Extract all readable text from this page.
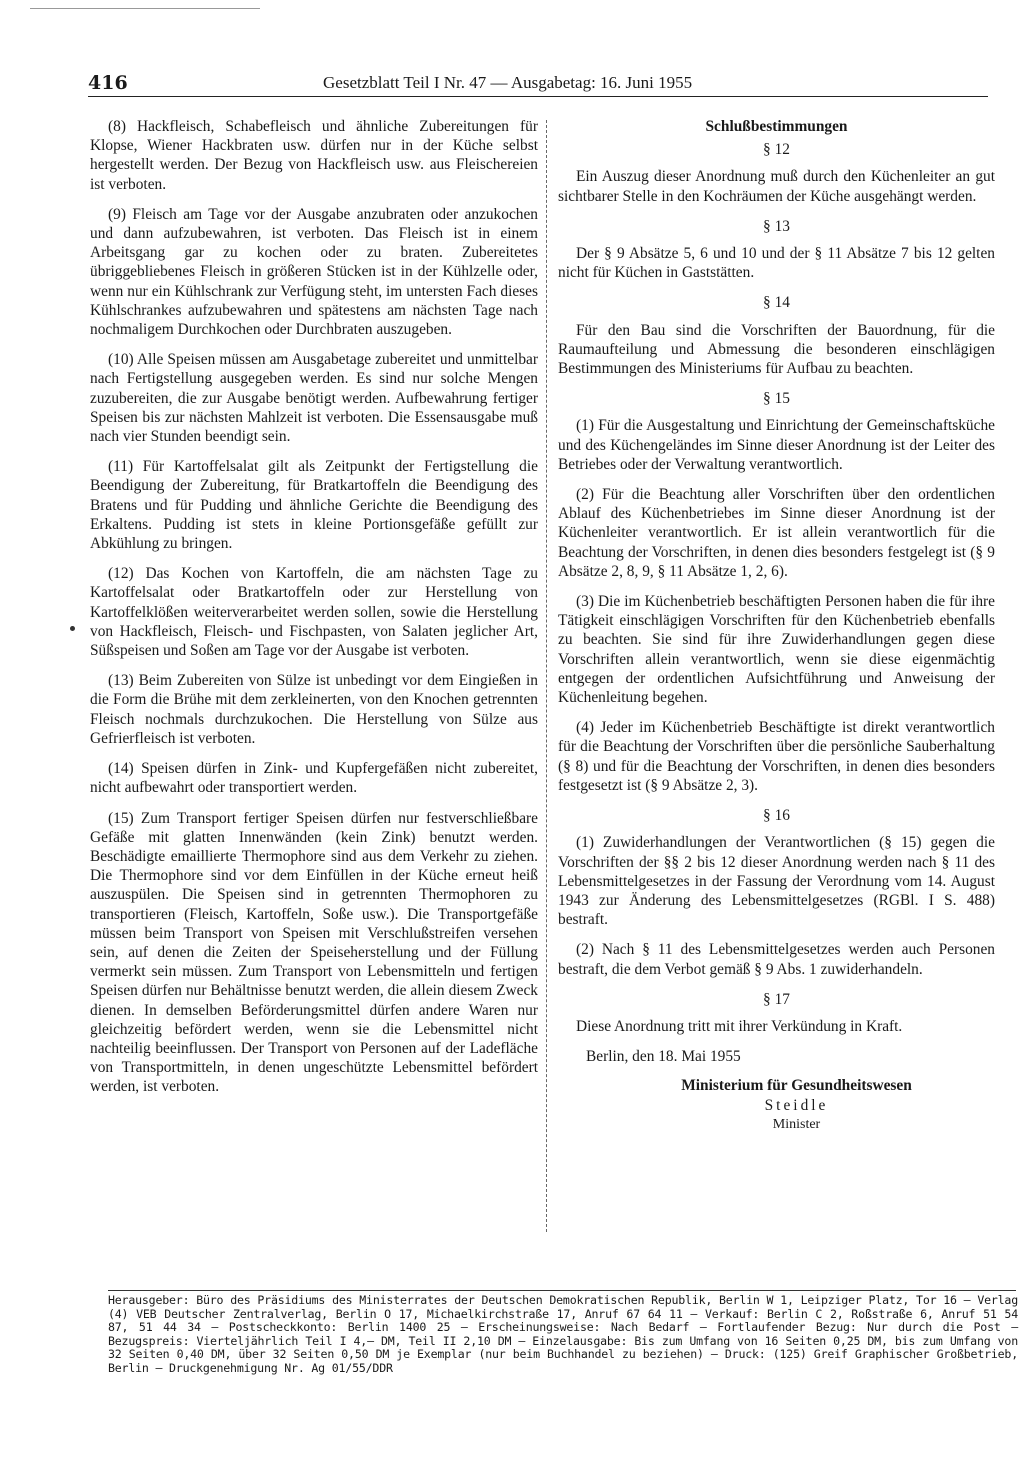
416	Gesetzblatt Teil I Nr. 47 — Ausgabetag: 16. Juni 1955

(8) Hackfleisch, Schabefleisch und ähnliche Zubereitungen für Klopse, Wiener Hackbraten usw. dürfen nur in der Küche selbst hergestellt werden. Der Bezug von Hackfleisch usw. aus Fleischereien ist verboten.

(9) Fleisch am Tage vor der Ausgabe anzubraten oder anzukochen und dann aufzubewahren, ist verboten. Das Fleisch ist in einem Arbeitsgang gar zu kochen oder zu braten. Zubereitetes übriggebliebenes Fleisch in größeren Stücken ist in der Kühlzelle oder, wenn nur ein Kühlschrank zur Verfügung steht, im untersten Fach dieses Kühlschrankes aufzubewahren und spätestens am nächsten Tage nach nochmaligem Durchkochen oder Durchbraten auszugeben.

(10) Alle Speisen müssen am Ausgabetage zubereitet und unmittelbar nach Fertigstellung ausgegeben werden. Es sind nur solche Mengen zuzubereiten, die zur Ausgabe benötigt werden. Aufbewahrung fertiger Speisen bis zur nächsten Mahlzeit ist verboten. Die Essensausgabe muß nach vier Stunden beendigt sein.

(11) Für Kartoffelsalat gilt als Zeitpunkt der Fertigstellung die Beendigung der Zubereitung, für Bratkartoffeln die Beendigung des Bratens und für Pudding und ähnliche Gerichte die Beendigung des Erkaltens. Pudding ist stets in kleine Portionsgefäße gefüllt zur Abkühlung zu bringen.

(12) Das Kochen von Kartoffeln, die am nächsten Tage zu Kartoffelsalat oder Bratkartoffeln oder zur Herstellung von Kartoffelklößen weiterverarbeitet werden sollen, sowie die Herstellung von Hackfleisch, Fleisch- und Fischpasten, von Salaten jeglicher Art, Süßspeisen und Soßen am Tage vor der Ausgabe ist verboten.

(13) Beim Zubereiten von Sülze ist unbedingt vor dem Eingießen in die Form die Brühe mit dem zerkleinerten, von den Knochen getrennten Fleisch nochmals durchzukochen. Die Herstellung von Sülze aus Gefrierfleisch ist verboten.

(14) Speisen dürfen in Zink- und Kupfergefäßen nicht zubereitet, nicht aufbewahrt oder transportiert werden.

(15) Zum Transport fertiger Speisen dürfen nur festverschließbare Gefäße mit glatten Innenwänden (kein Zink) benutzt werden. Beschädigte emaillierte Thermophore sind aus dem Verkehr zu ziehen. Die Thermophore sind vor dem Einfüllen in der Küche erneut heiß auszuspülen. Die Speisen sind in getrennten Thermophoren zu transportieren (Fleisch, Kartoffeln, Soße usw.). Die Transportgefäße müssen beim Transport von Speisen mit Verschlußstreifen versehen sein, auf denen die Zeiten der Speiseherstellung und der Füllung vermerkt sein müssen. Zum Transport von Lebensmitteln und fertigen Speisen dürfen nur Behältnisse benutzt werden, die allein diesem Zweck dienen. In demselben Beförderungsmittel dürfen andere Waren nur gleichzeitig befördert werden, wenn sie die Lebensmittel nicht nachteilig beeinflussen. Der Transport von Personen auf der Ladefläche von Transportmitteln, in denen ungeschützte Lebensmittel befördert werden, ist verboten.

Schlußbestimmungen
§ 12

Ein Auszug dieser Anordnung muß durch den Küchenleiter an gut sichtbarer Stelle in den Kochräumen der Küche ausgehängt werden.

§ 13

Der § 9 Absätze 5, 6 und 10 und der § 11 Absätze 7 bis 12 gelten nicht für Küchen in Gaststätten.

§ 14

Für den Bau sind die Vorschriften der Bauordnung, für die Raumaufteilung und Abmessung die besonderen einschlägigen Bestimmungen des Ministeriums für Aufbau zu beachten.

§ 15

(1) Für die Ausgestaltung und Einrichtung der Gemeinschaftsküche und des Küchengeländes im Sinne dieser Anordnung ist der Leiter des Betriebes oder der Verwaltung verantwortlich.

(2) Für die Beachtung aller Vorschriften über den ordentlichen Ablauf des Küchenbetriebes im Sinne dieser Anordnung ist der Küchenleiter verantwortlich. Er ist allein verantwortlich für die Beachtung der Vorschriften, in denen dies besonders festgelegt ist (§ 9 Absätze 2, 8, 9, § 11 Absätze 1, 2, 6).

(3) Die im Küchenbetrieb beschäftigten Personen haben die für ihre Tätigkeit einschlägigen Vorschriften für den Küchenbetrieb ebenfalls zu beachten. Sie sind für ihre Zuwiderhandlungen gegen diese Vorschriften allein verantwortlich, wenn sie diese eigenmächtig entgegen der ordentlichen Aufsichtführung und Anweisung der Küchenleitung begehen.

(4) Jeder im Küchenbetrieb Beschäftigte ist direkt verantwortlich für die Beachtung der Vorschriften über die persönliche Sauberhaltung (§ 8) und für die Beachtung der Vorschriften, in denen dies besonders festgesetzt ist (§ 9 Absätze 2, 3).

§ 16

(1) Zuwiderhandlungen der Verantwortlichen (§ 15) gegen die Vorschriften der §§ 2 bis 12 dieser Anordnung werden nach § 11 des Lebensmittelgesetzes in der Fassung der Verordnung vom 14. August 1943 zur Änderung des Lebensmittelgesetzes (RGBl. I S. 488) bestraft.

(2) Nach § 11 des Lebensmittelgesetzes werden auch Personen bestraft, die dem Verbot gemäß § 9 Abs. 1 zuwiderhandeln.

§ 17

Diese Anordnung tritt mit ihrer Verkündung in Kraft.

Berlin, den 18. Mai 1955

Ministerium für Gesundheitswesen
Steidle
Minister

Herausgeber: Büro des Präsidiums des Ministerrates der Deutschen Demokratischen Republik, Berlin W 1, Leipziger Platz, Tor 16 — Verlag (4) VEB Deutscher Zentralverlag, Berlin O 17, Michaelkirchstraße 17, Anruf 67 64 11 — Verkauf: Berlin C 2, Roßstraße 6, Anruf 51 54 87, 51 44 34 — Postscheckkonto: Berlin 1400 25 — Erscheinungsweise: Nach Bedarf — Fortlaufender Bezug: Nur durch die Post — Bezugspreis: Vierteljährlich Teil I 4,— DM, Teil II 2,10 DM — Einzelausgabe: Bis zum Umfang von 16 Seiten 0,25 DM, bis zum Umfang von 32 Seiten 0,40 DM, über 32 Seiten 0,50 DM je Exemplar (nur beim Buchhandel zu beziehen) — Druck: (125) Greif Graphischer Großbetrieb, Berlin — Druckgenehmigung Nr. Ag 01/55/DDR
